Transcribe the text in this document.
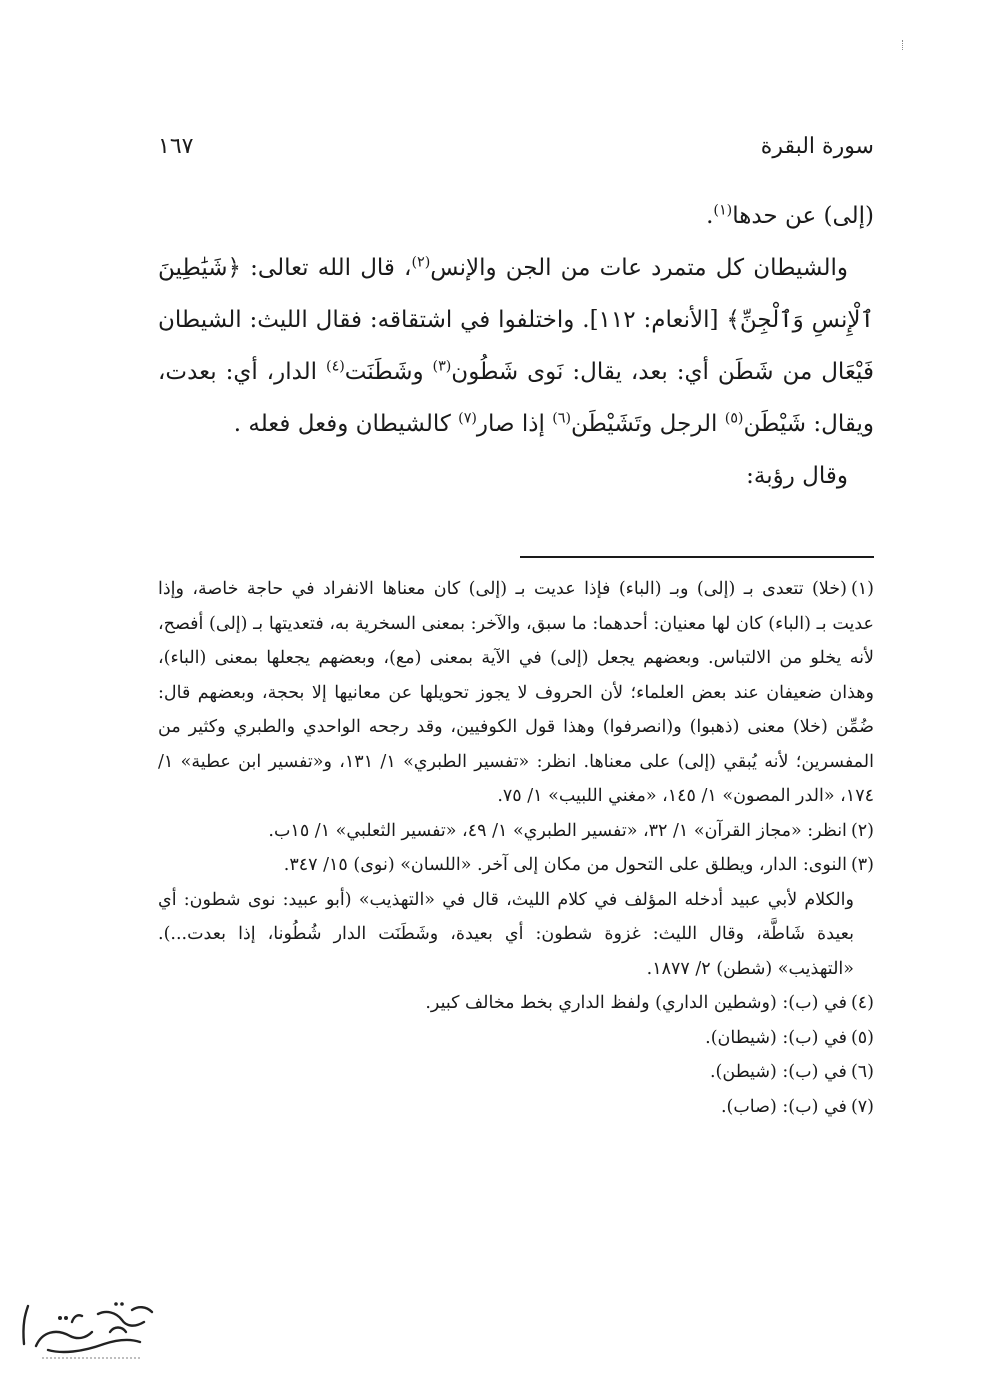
سورة البقرة
١٦٧

(إلى) عن حدها$^{(١)}$.

والشيطان كل متمرد عات من الجن والإنس$^{(٢)}$، قال الله تعالى: ﴿شَيَٰطِينَ ٱلْإِنسِ وَٱلْجِنِّ﴾ [الأنعام: ١١٢]. واختلفوا في اشتقاقه: فقال الليث: الشيطان فَيْعَال من شَطَن أي: بعد، يقال: نَوى شَطُون$^{(٣)}$ وشَطَنَت$^{(٤)}$ الدار، أي: بعدت، ويقال: شَيْطَن$^{(٥)}$ الرجل وتَشَيْطَن$^{(٦)}$ إذا صار$^{(٧)}$ كالشيطان وفعل فعله .

وقال رؤبة:

(١)(خلا) تتعدى بـ (إلى) وبـ (الباء) فإذا عديت بـ (إلى) كان معناها الانفراد في حاجة خاصة، وإذا عديت بـ (الباء) كان لها معنيان: أحدهما: ما سبق، والآخر: بمعنى السخرية به، فتعديتها بـ (إلى) أفصح، لأنه يخلو من الالتباس. وبعضهم يجعل (إلى) في الآية بمعنى (مع)، وبعضهم يجعلها بمعنى (الباء)، وهذان ضعيفان عند بعض العلماء؛ لأن الحروف لا يجوز تحويلها عن معانيها إلا بحجة، وبعضهم قال: ضُمِّن (خلا) معنى (ذهبوا) و(انصرفوا) وهذا قول الكوفيين، وقد رجحه الواحدي والطبري وكثير من المفسرين؛ لأنه يُبقي (إلى) على معناها. انظر: «تفسير الطبري» ١/ ١٣١، و«تفسير ابن عطية» ١/ ١٧٤، «الدر المصون» ١/ ١٤٥، «مغني اللبيب» ١/ ٧٥.

(٢)انظر: «مجاز القرآن» ١/ ٣٢، «تفسير الطبري» ١/ ٤٩، «تفسير الثعلبي» ١/ ١٥ب.

(٣)النوى: الدار، ويطلق على التحول من مكان إلى آخر. «اللسان» (نوى) ١٥/ ٣٤٧.
والكلام لأبي عبيد أدخله المؤلف في كلام الليث، قال في «التهذيب» (أبو عبيد: نوى شطون: أي بعيدة شَاطَّة، وقال الليث: غزوة شطون: أي بعيدة، وشَطَنَت الدار شُطُونا، إذا بعدت...). «التهذيب» (شطن) ٢/ ١٨٧٧.

(٤)في (ب): (وشطين الداري) ولفظ الداري بخط مخالف كبير.

(٥)في (ب): (شيطان).

(٦)في (ب): (شيطن).

(٧)في (ب): (صاب).
